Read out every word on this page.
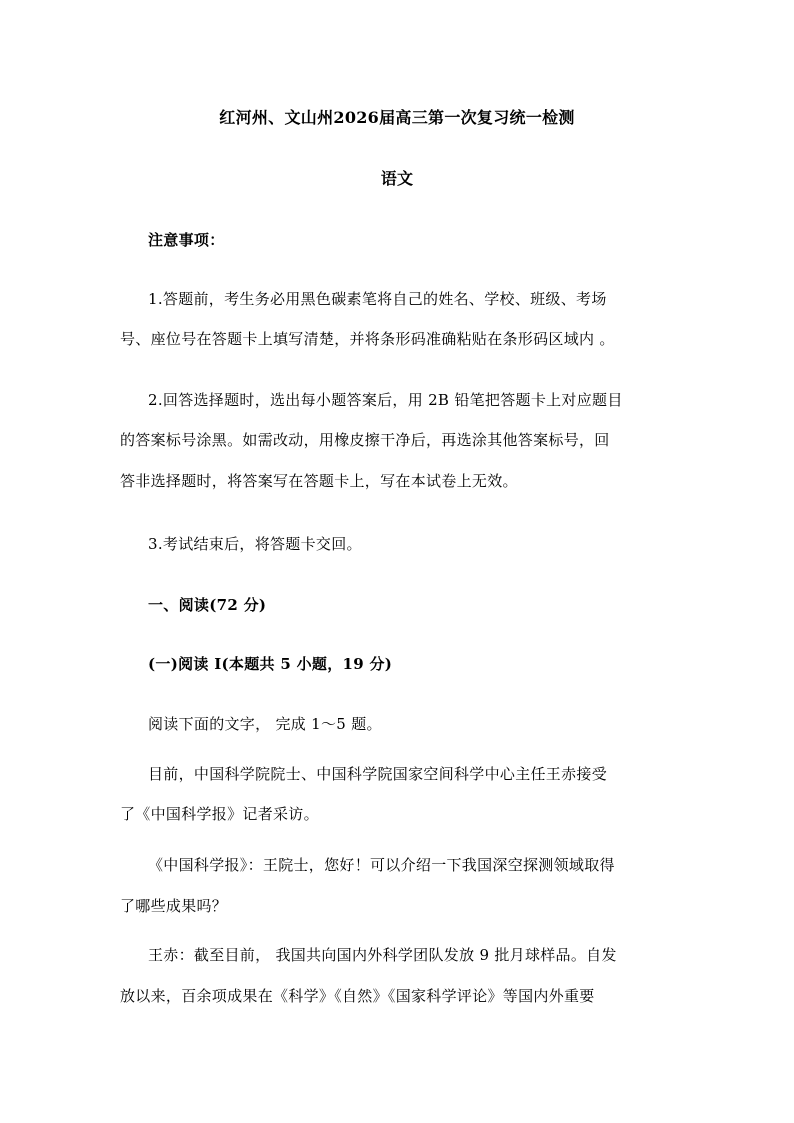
红河州、文山州2026届高三第一次复习统一检测
语文
注意事项：
1.答题前，考生务必用黑色碳素笔将自己的姓名、学校、班级、考场
号、座位号在答题卡上填写清楚，并将条形码准确粘贴在条形码区域内 。
2.回答选择题时，选出每小题答案后，用 2B 铅笔把答题卡上对应题目
的答案标号涂黑。如需改动，用橡皮擦干净后，再选涂其他答案标号，回
答非选择题时，将答案写在答题卡上，写在本试卷上无效。
3.考试结束后，将答题卡交回。
一、阅读(72 分)
(一)阅读 I(本题共 5 小题，19 分)
阅读下面的文字， 完成 1～5 题。
目前，中国科学院院士、中国科学院国家空间科学中心主任王赤接受
了《中国科学报》记者采访。
《中国科学报》：王院士，您好！可以介绍一下我国深空探测领域取得
了哪些成果吗？
王赤：截至目前， 我国共向国内外科学团队发放 9 批月球样品。自发
放以来，百余项成果在《科学》《自然》《国家科学评论》等国内外重要
